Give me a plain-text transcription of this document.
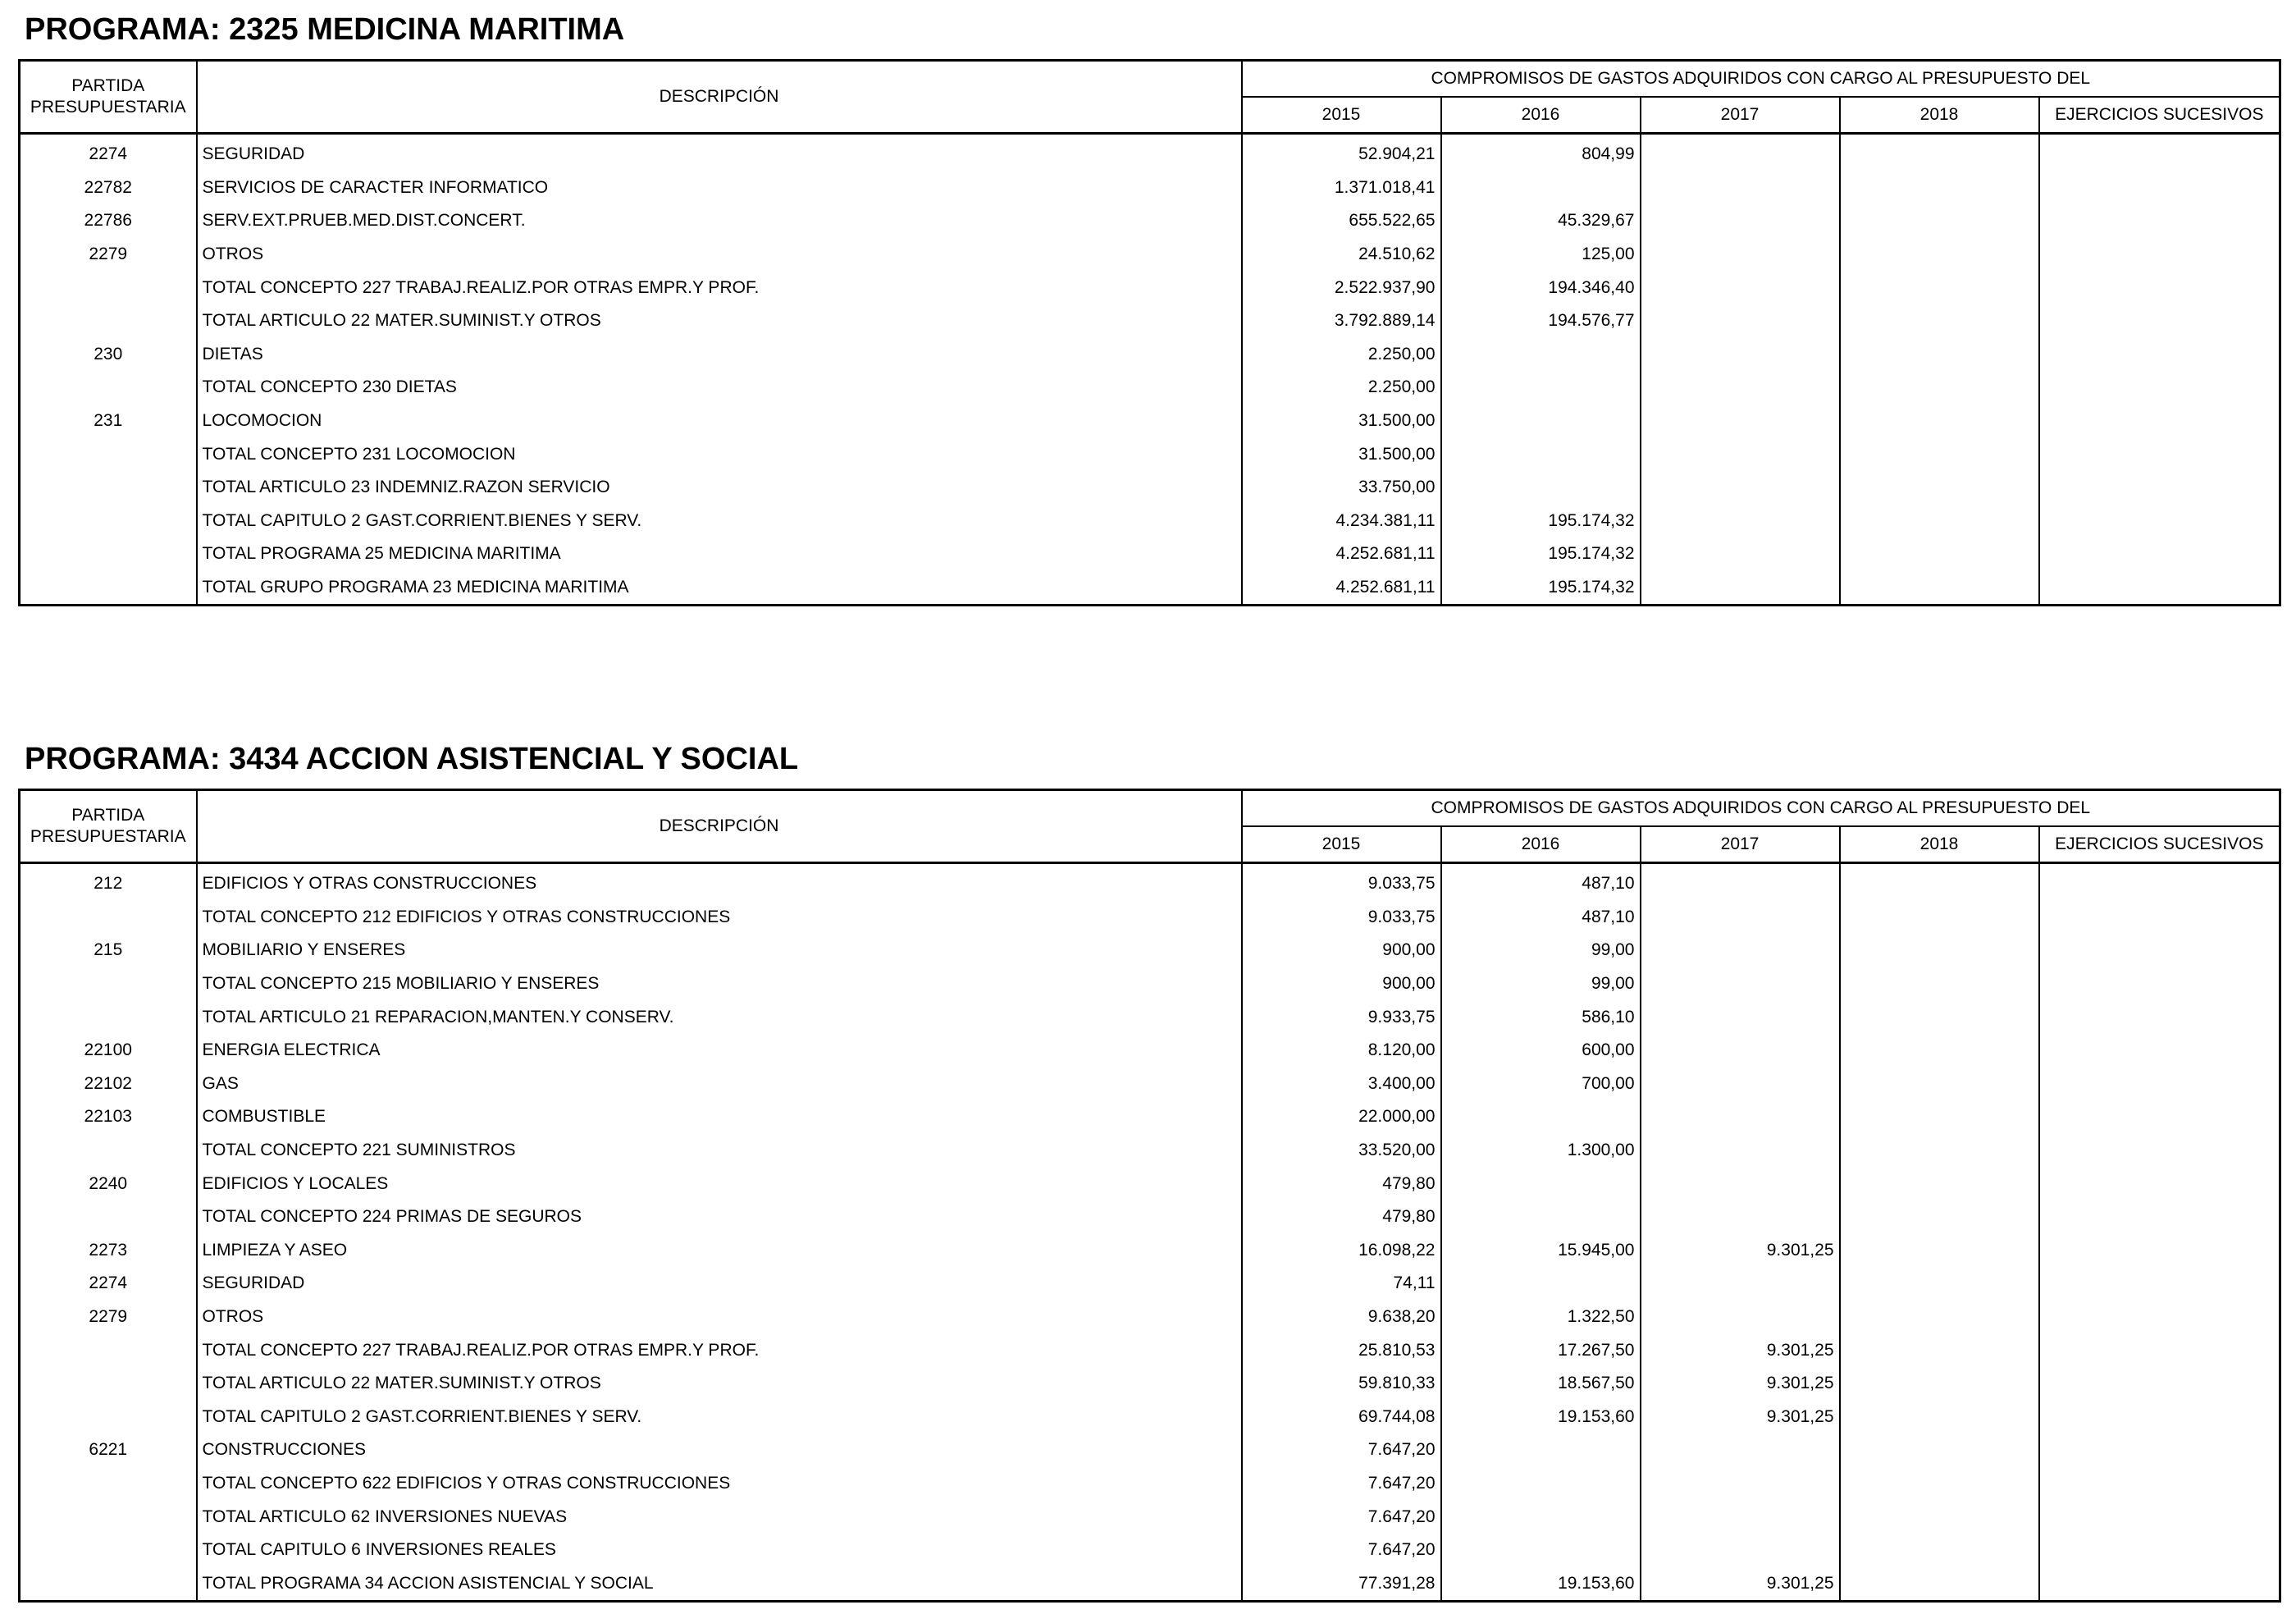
PROGRAMA: 2325 MEDICINA MARITIMA
PARTIDA PRESUPUESTARIA	DESCRIPCIÓN	COMPROMISOS DE GASTOS ADQUIRIDOS CON CARGO AL PRESUPUESTO DEL				
		2015	2016	2017	2018	EJERCICIOS SUCESIVOS
2274	SEGURIDAD	52.904,21	804,99			
22782	SERVICIOS DE CARACTER INFORMATICO	1.371.018,41				
22786	SERV.EXT.PRUEB.MED.DIST.CONCERT.	655.522,65	45.329,67			
2279	OTROS	24.510,62	125,00			
	TOTAL CONCEPTO 227 TRABAJ.REALIZ.POR OTRAS EMPR.Y PROF.	2.522.937,90	194.346,40			
	TOTAL ARTICULO 22 MATER.SUMINIST.Y OTROS	3.792.889,14	194.576,77			
230	DIETAS	2.250,00				
	TOTAL CONCEPTO 230 DIETAS	2.250,00				
231	LOCOMOCION	31.500,00				
	TOTAL CONCEPTO 231 LOCOMOCION	31.500,00				
	TOTAL ARTICULO 23 INDEMNIZ.RAZON SERVICIO	33.750,00				
	TOTAL CAPITULO 2 GAST.CORRIENT.BIENES Y SERV.	4.234.381,11	195.174,32			
	TOTAL PROGRAMA 25 MEDICINA MARITIMA	4.252.681,11	195.174,32			
	TOTAL GRUPO PROGRAMA 23 MEDICINA MARITIMA	4.252.681,11	195.174,32			
PROGRAMA: 3434 ACCION ASISTENCIAL Y SOCIAL
PARTIDA PRESUPUESTARIA	DESCRIPCIÓN	COMPROMISOS DE GASTOS ADQUIRIDOS CON CARGO AL PRESUPUESTO DEL				
		2015	2016	2017	2018	EJERCICIOS SUCESIVOS
212	EDIFICIOS Y OTRAS CONSTRUCCIONES	9.033,75	487,10			
	TOTAL CONCEPTO 212 EDIFICIOS Y OTRAS CONSTRUCCIONES	9.033,75	487,10			
215	MOBILIARIO Y ENSERES	900,00	99,00			
	TOTAL CONCEPTO 215 MOBILIARIO Y ENSERES	900,00	99,00			
	TOTAL ARTICULO 21 REPARACION,MANTEN.Y CONSERV.	9.933,75	586,10			
22100	ENERGIA ELECTRICA	8.120,00	600,00			
22102	GAS	3.400,00	700,00			
22103	COMBUSTIBLE	22.000,00				
	TOTAL CONCEPTO 221 SUMINISTROS	33.520,00	1.300,00			
2240	EDIFICIOS Y LOCALES	479,80				
	TOTAL CONCEPTO 224 PRIMAS DE SEGUROS	479,80				
2273	LIMPIEZA Y ASEO	16.098,22	15.945,00	9.301,25		
2274	SEGURIDAD	74,11				
2279	OTROS	9.638,20	1.322,50			
	TOTAL CONCEPTO 227 TRABAJ.REALIZ.POR OTRAS EMPR.Y PROF.	25.810,53	17.267,50	9.301,25		
	TOTAL ARTICULO 22 MATER.SUMINIST.Y OTROS	59.810,33	18.567,50	9.301,25		
	TOTAL CAPITULO 2 GAST.CORRIENT.BIENES Y SERV.	69.744,08	19.153,60	9.301,25		
6221	CONSTRUCCIONES	7.647,20				
	TOTAL CONCEPTO 622 EDIFICIOS Y OTRAS CONSTRUCCIONES	7.647,20				
	TOTAL ARTICULO 62 INVERSIONES NUEVAS	7.647,20				
	TOTAL CAPITULO 6 INVERSIONES REALES	7.647,20				
	TOTAL PROGRAMA 34 ACCION ASISTENCIAL Y SOCIAL	77.391,28	19.153,60	9.301,25		
